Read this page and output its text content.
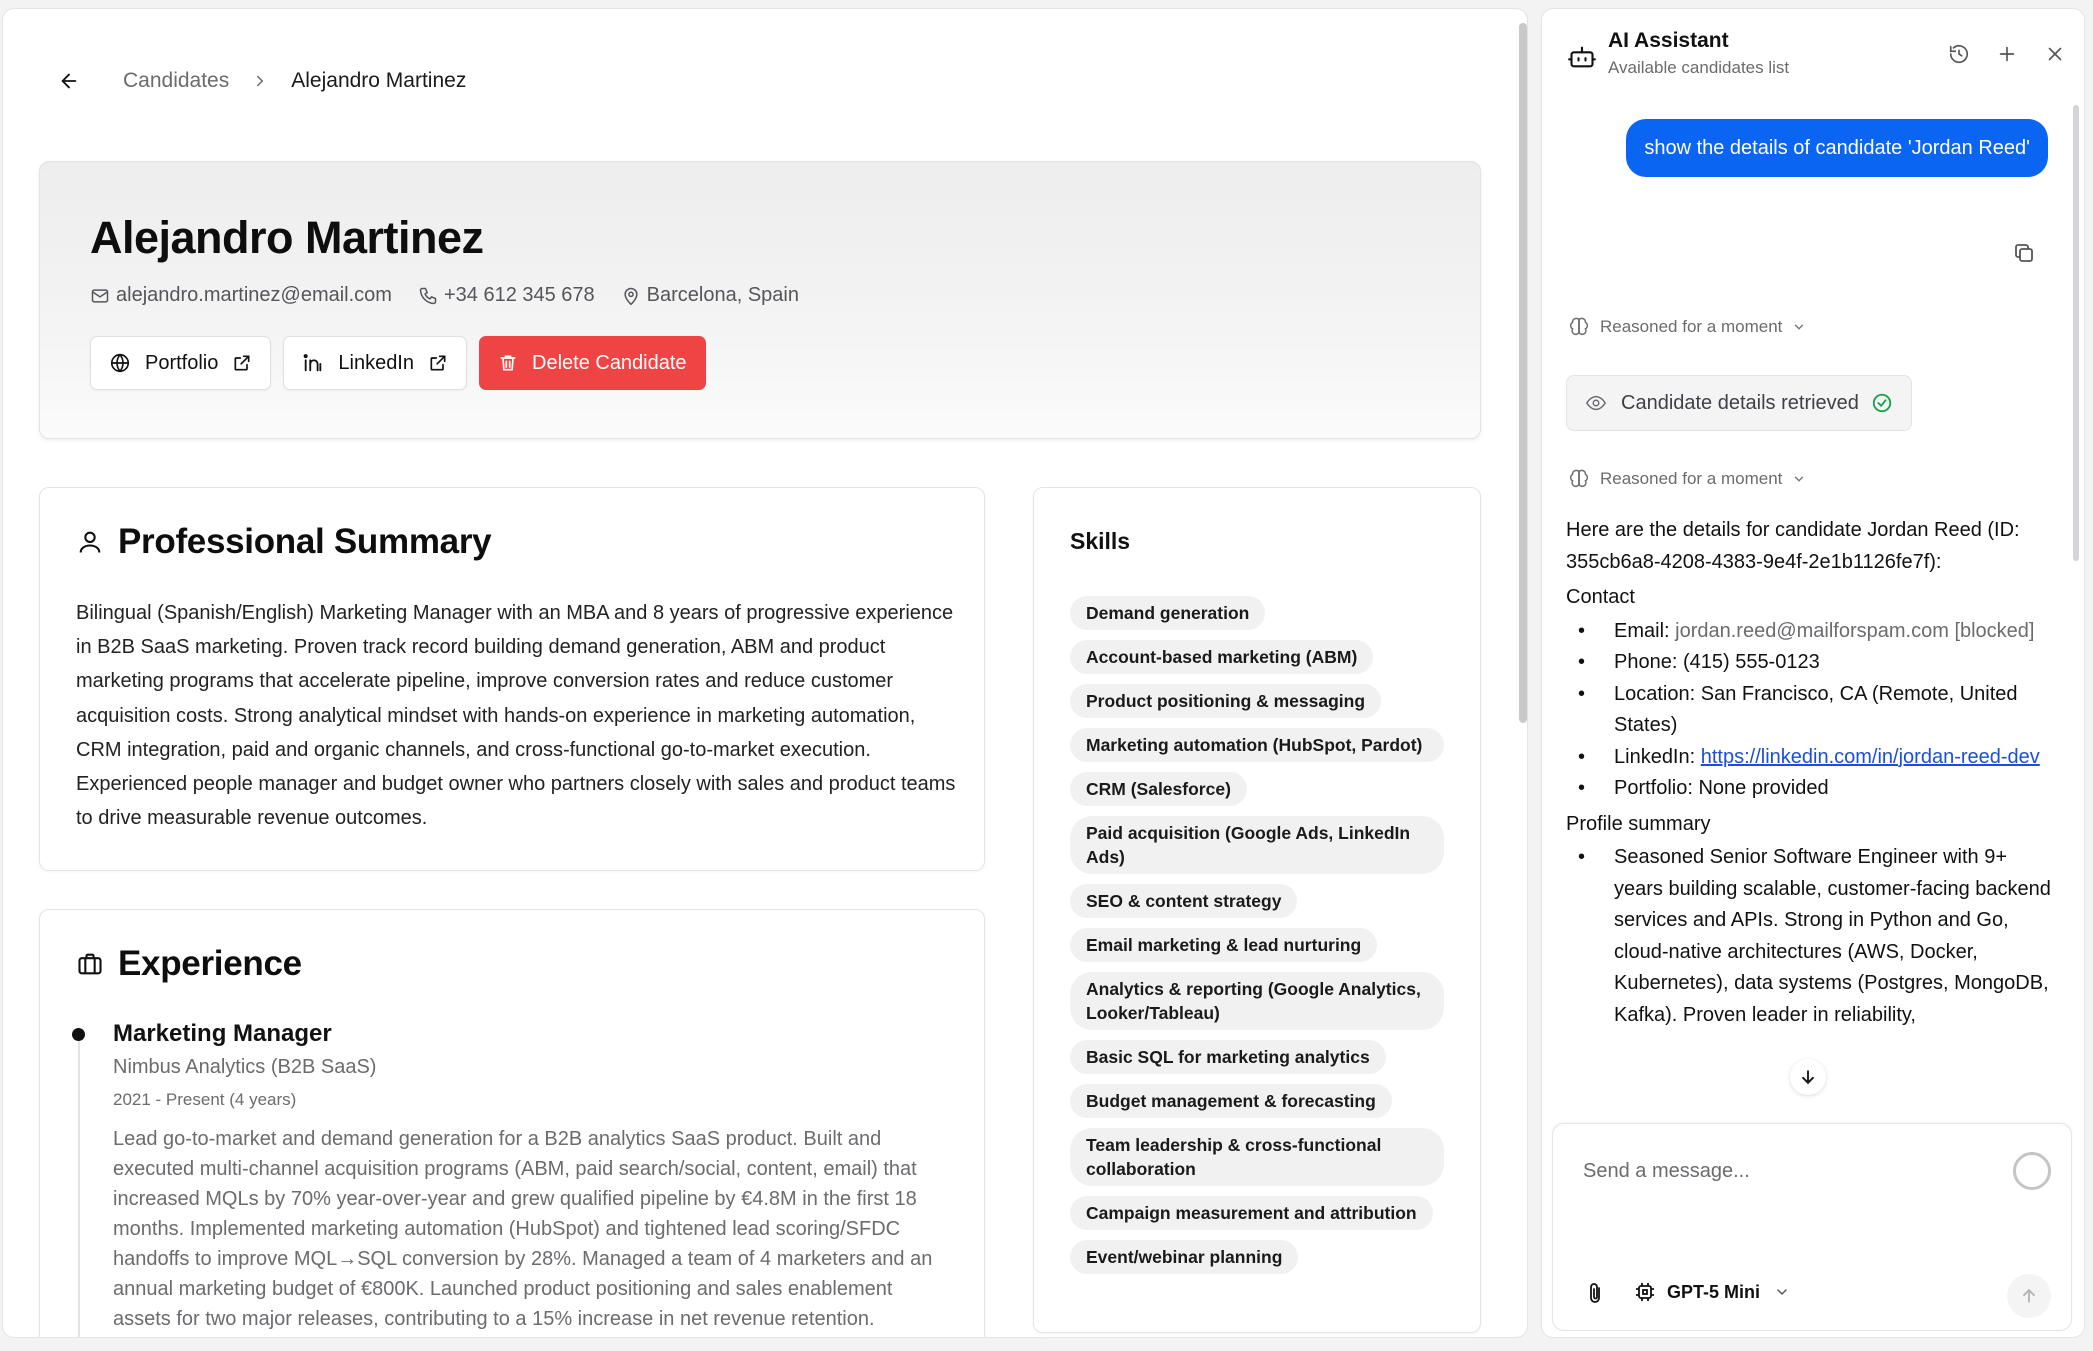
Candidates	Alejandro Martinez
Alejandro Martinez
alejandro.martinez@email.com	+34 612 345 678	Barcelona, Spain
Portfolio	LinkedIn	Delete Candidate
Professional Summary
Bilingual (Spanish/English) Marketing Manager with an MBA and 8 years of progressive experience in B2B SaaS marketing. Proven track record building demand generation, ABM and product marketing programs that accelerate pipeline, improve conversion rates and reduce customer acquisition costs. Strong analytical mindset with hands-on experience in marketing automation, CRM integration, paid and organic channels, and cross-functional go-to-market execution. Experienced people manager and budget owner who partners closely with sales and product teams to drive measurable revenue outcomes.
Experience
Marketing Manager
Nimbus Analytics (B2B SaaS)
2021 - Present (4 years)
Lead go-to-market and demand generation for a B2B analytics SaaS product. Built and executed multi-channel acquisition programs (ABM, paid search/social, content, email) that increased MQLs by 70% year-over-year and grew qualified pipeline by €4.8M in the first 18 months. Implemented marketing automation (HubSpot) and tightened lead scoring/SFDC handoffs to improve MQL→SQL conversion by 28%. Managed a team of 4 marketers and an annual marketing budget of €800K. Launched product positioning and sales enablement assets for two major releases, contributing to a 15% increase in net revenue retention.
Skills
Demand generation
Account-based marketing (ABM)
Product positioning & messaging
Marketing automation (HubSpot, Pardot)
CRM (Salesforce)
Paid acquisition (Google Ads, LinkedIn Ads)
SEO & content strategy
Email marketing & lead nurturing
Analytics & reporting (Google Analytics, Looker/Tableau)
Basic SQL for marketing analytics
Budget management & forecasting
Team leadership & cross-functional collaboration
Campaign measurement and attribution
Event/webinar planning
AI Assistant
Available candidates list
show the details of candidate 'Jordan Reed'
Reasoned for a moment
Candidate details retrieved
Reasoned for a moment
Here are the details for candidate Jordan Reed (ID: 355cb6a8-4208-4383-9e4f-2e1b1126fe7f):
Contact
• Email: jordan.reed@mailforspam.com [blocked]
• Phone: (415) 555-0123
• Location: San Francisco, CA (Remote, United States)
• LinkedIn: https://linkedin.com/in/jordan-reed-dev
• Portfolio: None provided
Profile summary
• Seasoned Senior Software Engineer with 9+ years building scalable, customer-facing backend services and APIs. Strong in Python and Go, cloud-native architectures (AWS, Docker, Kubernetes), data systems (Postgres, MongoDB, Kafka). Proven leader in reliability,
Send a message...
GPT-5 Mini
